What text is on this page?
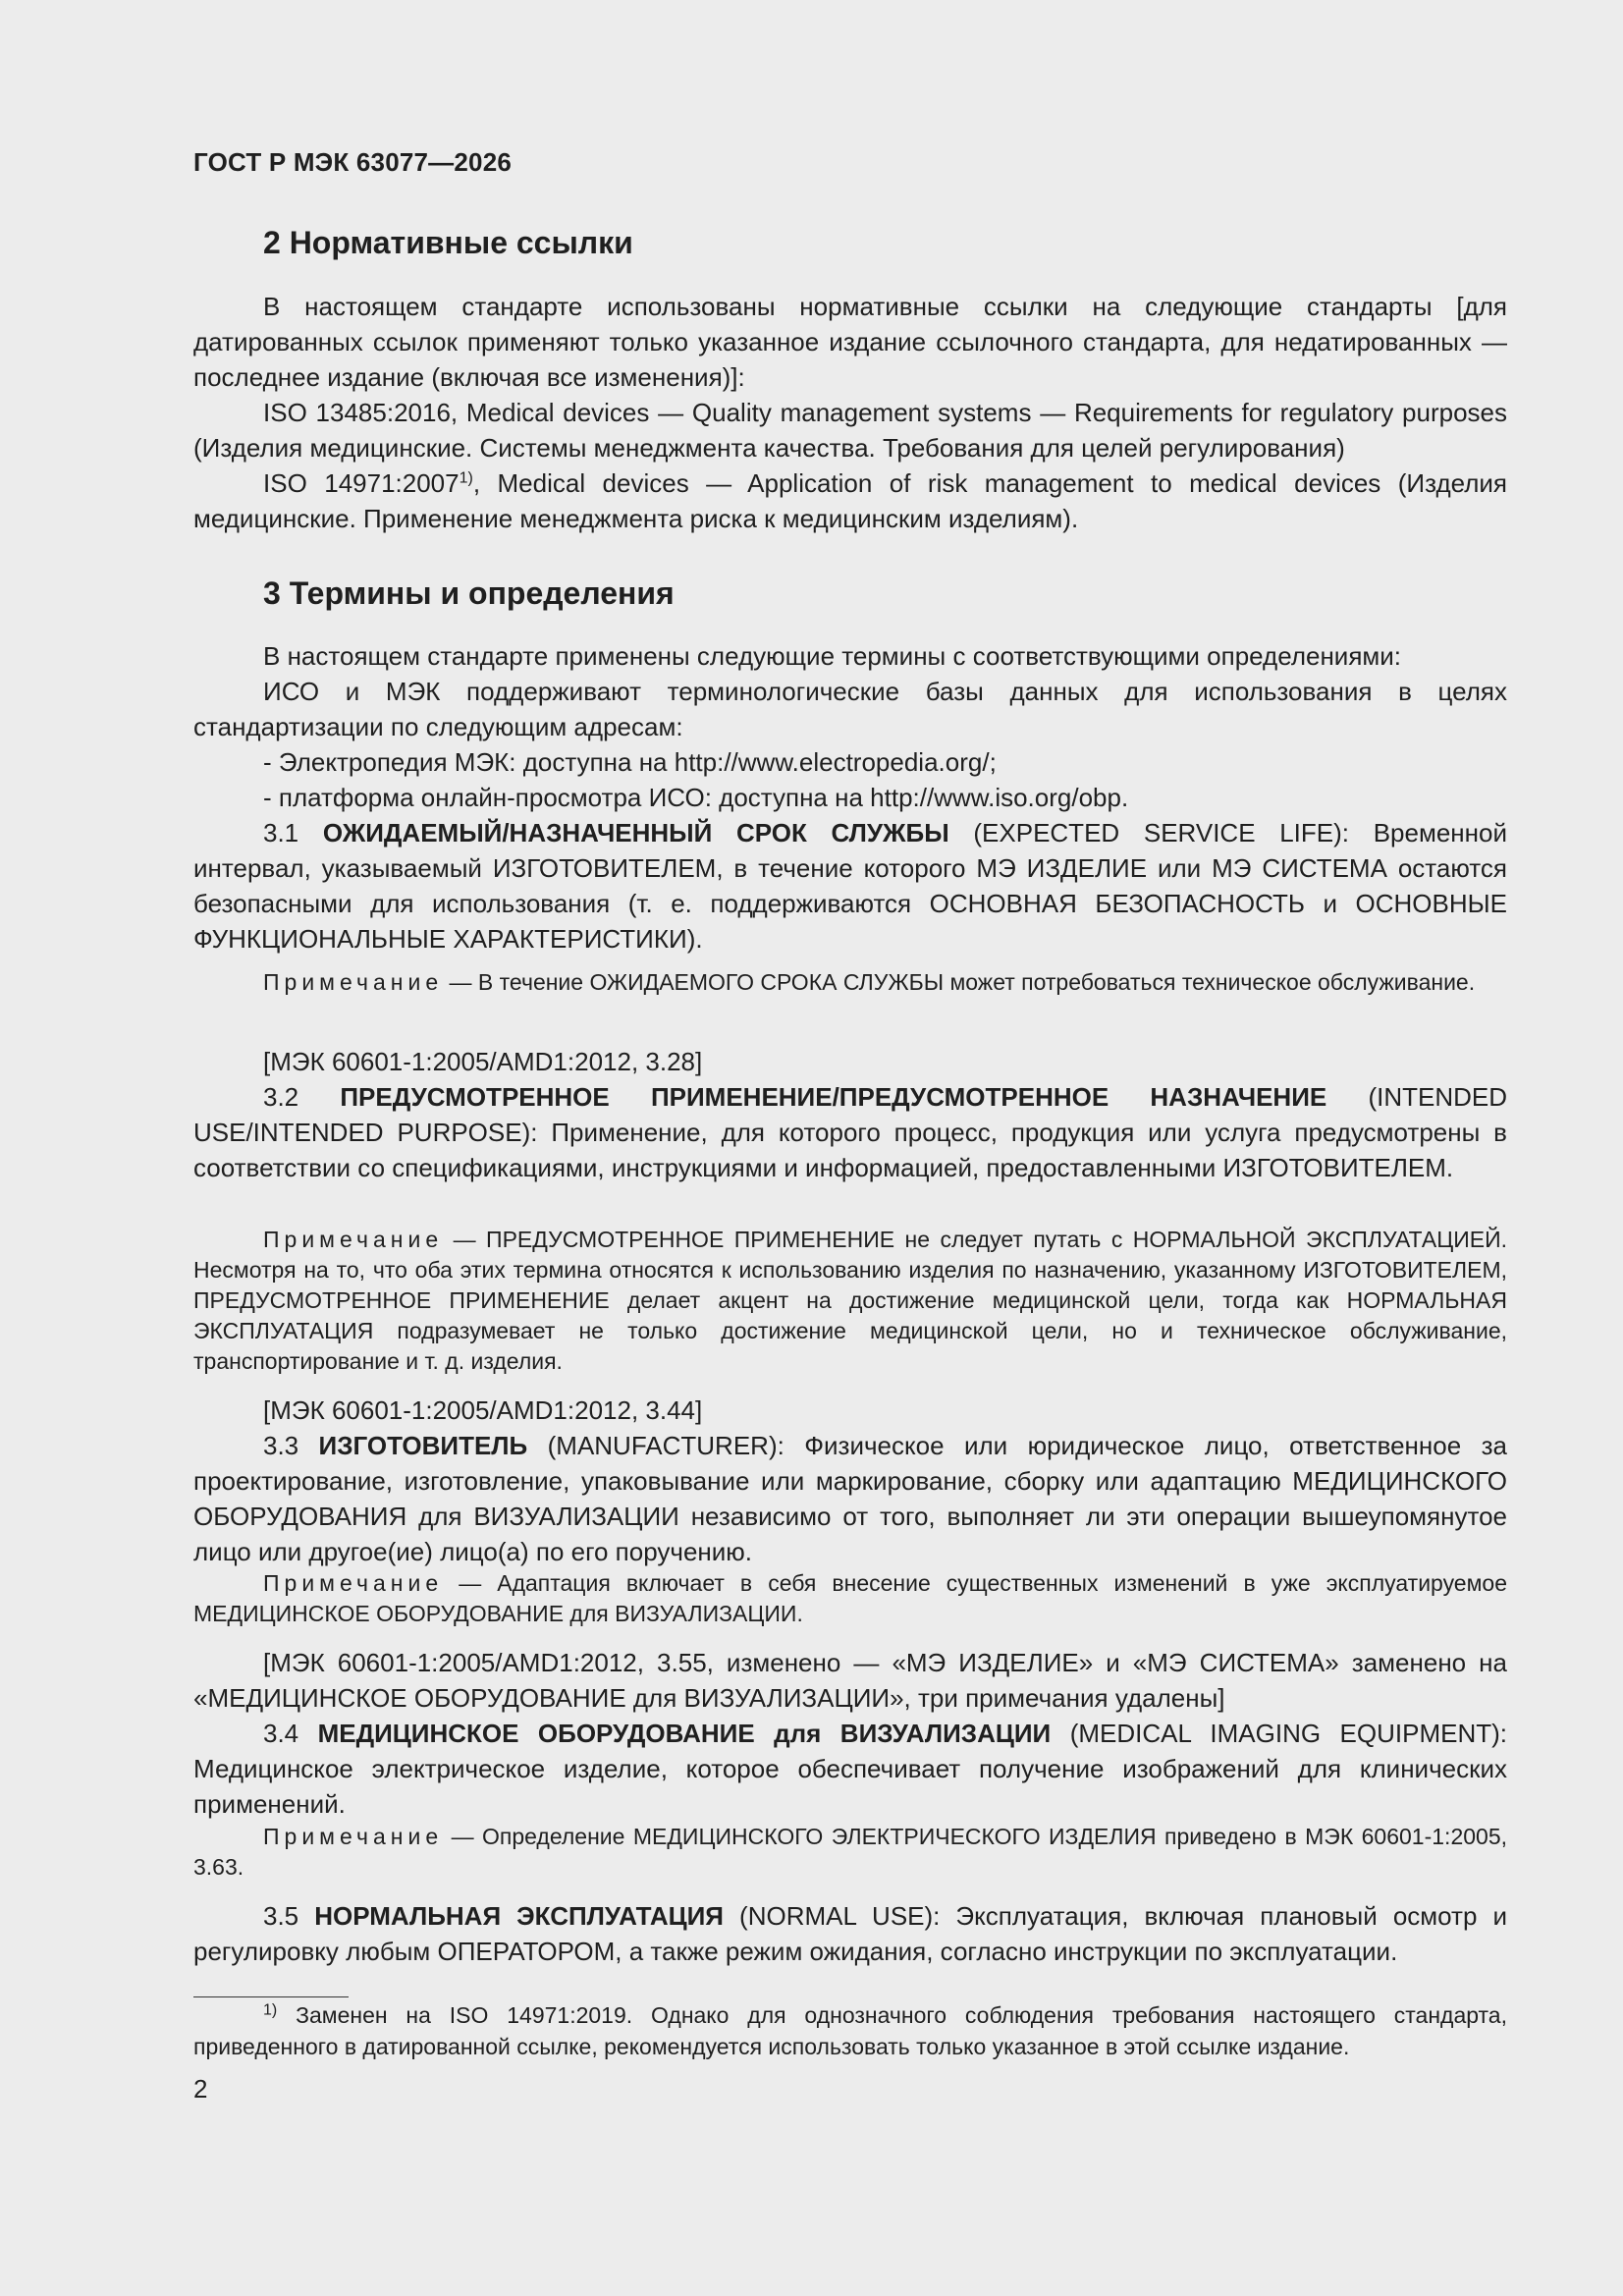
ГОСТ Р МЭК 63077—2026
2 Нормативные ссылки

В настоящем стандарте использованы нормативные ссылки на следующие стандарты [для датированных ссылок применяют только указанное издание ссылочного стандарта, для недатированных — последнее издание (включая все изменения)]:

ISO 13485:2016, Medical devices — Quality management systems — Requirements for regulatory purposes (Изделия медицинские. Системы менеджмента качества. Требования для целей регулирования)

ISO 14971:2007$^{1)}$, Medical devices — Application of risk management to medical devices (Изделия медицинские. Применение менеджмента риска к медицинским изделиям).

3 Термины и определения

В настоящем стандарте применены следующие термины с соответствующими определениями:

ИСО и МЭК поддерживают терминологические базы данных для использования в целях стандартизации по следующим адресам:

- Электропедия МЭК: доступна на http://www.electropedia.org/;

- платформа онлайн-просмотра ИСО: доступна на http://www.iso.org/obp.

3.1 ОЖИДАЕМЫЙ/НАЗНАЧЕННЫЙ СРОК СЛУЖБЫ (EXPECTED SERVICE LIFE): Временной интервал, указываемый ИЗГОТОВИТЕЛЕМ, в течение которого МЭ ИЗДЕЛИЕ или МЭ СИСТЕМА остаются безопасными для использования (т. е. поддерживаются ОСНОВНАЯ БЕЗОПАСНОСТЬ и ОСНОВНЫЕ ФУНКЦИОНАЛЬНЫЕ ХАРАКТЕРИСТИКИ).

Примечание — В течение ОЖИДАЕМОГО СРОКА СЛУЖБЫ может потребоваться техническое обслуживание.

[МЭК 60601-1:2005/AMD1:2012, 3.28]

3.2 ПРЕДУСМОТРЕННОЕ ПРИМЕНЕНИЕ/ПРЕДУСМОТРЕННОЕ НАЗНАЧЕНИЕ (INTENDED USE/INTENDED PURPOSE): Применение, для которого процесс, продукция или услуга предусмотрены в соответствии со спецификациями, инструкциями и информацией, предоставленными ИЗГОТОВИТЕЛЕМ.

Примечание — ПРЕДУСМОТРЕННОЕ ПРИМЕНЕНИЕ не следует путать с НОРМАЛЬНОЙ ЭКСПЛУАТАЦИЕЙ. Несмотря на то, что оба этих термина относятся к использованию изделия по назначению, указанному ИЗГОТОВИТЕЛЕМ, ПРЕДУСМОТРЕННОЕ ПРИМЕНЕНИЕ делает акцент на достижение медицинской цели, тогда как НОРМАЛЬНАЯ ЭКСПЛУАТАЦИЯ подразумевает не только достижение медицинской цели, но и техническое обслуживание, транспортирование и т. д. изделия.

[МЭК 60601-1:2005/AMD1:2012, 3.44]

3.3 ИЗГОТОВИТЕЛЬ (MANUFACTURER): Физическое или юридическое лицо, ответственное за проектирование, изготовление, упаковывание или маркирование, сборку или адаптацию МЕДИЦИНСКОГО ОБОРУДОВАНИЯ для ВИЗУАЛИЗАЦИИ независимо от того, выполняет ли эти операции вышеупомянутое лицо или другое(ие) лицо(а) по его поручению.

Примечание — Адаптация включает в себя внесение существенных изменений в уже эксплуатируемое МЕДИЦИНСКОЕ ОБОРУДОВАНИЕ для ВИЗУАЛИЗАЦИИ.

[МЭК 60601-1:2005/AMD1:2012, 3.55, изменено — «МЭ ИЗДЕЛИЕ» и «МЭ СИСТЕМА» заменено на «МЕДИЦИНСКОЕ ОБОРУДОВАНИЕ для ВИЗУАЛИЗАЦИИ», три примечания удалены]

3.4 МЕДИЦИНСКОЕ ОБОРУДОВАНИЕ для ВИЗУАЛИЗАЦИИ (MEDICAL IMAGING EQUIPMENT): Медицинское электрическое изделие, которое обеспечивает получение изображений для клинических применений.

Примечание — Определение МЕДИЦИНСКОГО ЭЛЕКТРИЧЕСКОГО ИЗДЕЛИЯ приведено в МЭК 60601-1:2005, 3.63.

3.5 НОРМАЛЬНАЯ ЭКСПЛУАТАЦИЯ (NORMAL USE): Эксплуатация, включая плановый осмотр и регулировку любым ОПЕРАТОРОМ, а также режим ожидания, согласно инструкции по эксплуатации.

$^{1)}$ Заменен на ISO 14971:2019. Однако для однозначного соблюдения требования настоящего стандарта, приведенного в датированной ссылке, рекомендуется использовать только указанное в этой ссылке издание.

2
